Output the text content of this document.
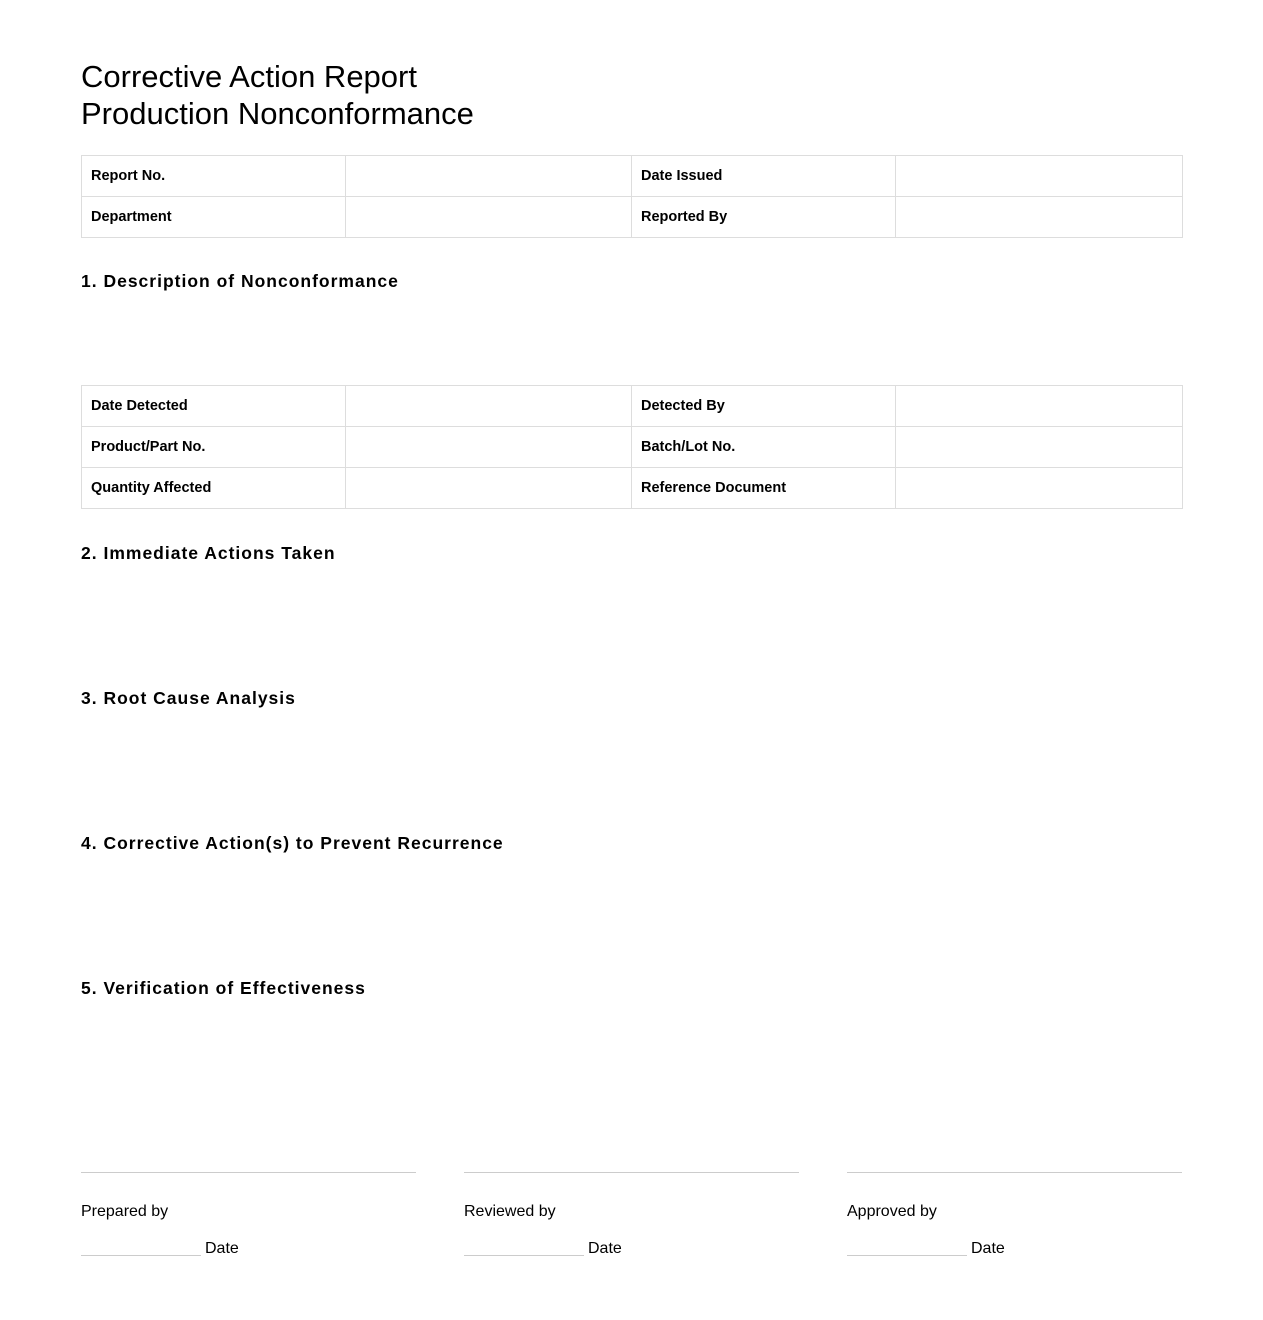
Corrective Action Report
Production Nonconformance
Report No.		Date Issued	
Department		Reported By	
1. Description of Nonconformance
Date Detected		Detected By	
Product/Part No.		Batch/Lot No.	
Quantity Affected		Reference Document	
2. Immediate Actions Taken
3. Root Cause Analysis
4. Corrective Action(s) to Prevent Recurrence
5. Verification of Effectiveness
Prepared by
Date
Reviewed by
Date
Approved by
Date
